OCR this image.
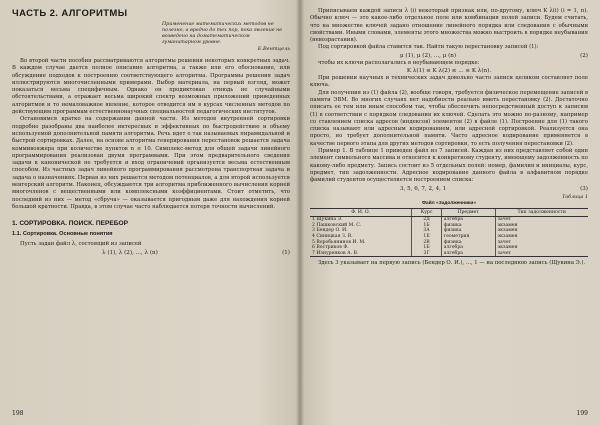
ЧАСТЬ 2. АЛГОРИТМЫ
Применение математических методов не полезно, а вредно до тех пор, пока явление не возведено на доматематическом гуманитарном уровне.
Е.Вентцель

Во второй части пособия рассматриваются алгоритмы решения некоторых конкретных задач. В каждом случае дается полное описание алгоритма, а также или его обоснование, или обсуждение подходов к построению соответствующего алгоритма. Программы решения задач иллюстрируются многочисленными примерами. Выбор материала, на первый взгляд, может показаться весьма специфичным. Однако он продиктован отнюдь не случайными обстоятельствами, а отражает весьма широкий спектр возможных приложений приведенных алгоритмов и то немаловажное явление, которое отводится им в курсах численных методов по действующим программам естественнонаучных специальностей педагогических институтов.

Остановимся кратко на содержании данной части. Из методов внутренней сортировки подробно разобраны два наиболее интересных и эффективных по быстродействию и объему используемой дополнительной памяти алгоритма. Речь идет о так называемых пирамидальной и быстрой сортировках. Далее, на основе алгоритма генерирования перестановок решается задача коммивояжера при количестве пунктов n ≤ 10. Симплекс-метод для общей задачи линейного программирования реализован двумя программами. При этом предварительного сведения задачи к канонической не требуется и вход ограничений организуется весьма естественным способом. Из частных задач линейного программирования рассмотрена транспортная задача и задача о назначениях. Первая из них решается методом потенциалов, а для второй используется венгерский алгоритм. Наконец, обсуждаются три алгоритма приближенного вычисления корней многочленов с вещественными или комплексными коэффициентами. Стоит отметить, что последний из них — метод «сбруча» — оказывается пригодным даже для нахождения корней большой кратности. Правда, в этом случае часто наблюдается потеря точности вычислений.

1. СОРТИРОВКА. ПОИСК. ПЕРЕБОР
1.1. Сортировка. Основные понятия

Пусть задан файл λ, состоящий из записей

λ (1), λ (2), ..., λ (n)	(1)
198

Приписываем каждой записи λ (i) некоторый признак или, по-другому, ключ K λ(i) (i = 1, n). Обычно ключ — это какое-либо отдельное поле или комбинация полей записи. Будем считать, что на множестве ключей задано отношение линейного порядка или следования с обычными свойствами. Иными словами, элементы этого множества можно выстроить в порядке неубывания (невозрастания).

Под сортировкой файла ставится так. Найти такую перестановку записей (1):

μ (1), μ (2), ..., μ (n)	(2)

чтобы их ключи располагались в неубывающем порядке:

K λ(1) ≤ K λ(2) ≤ ... ≤ K λ(n).

При решении научных и технических задач довольно часто записи целиком составляет поле ключа.

Для получения из (1) файла (2), вообще говоря, требуется физическое перемещение записей в памяти ЭВМ. Во многих случаях нет надобности реально иметь перестановку (2). Достаточно описать ее тем или иным способом так, чтобы обеспечить непосредственный доступ к записям (1) в соответствии с порядком следования их ключей. Сделать это можно по-разному, например со ставлением списка адресов (индексов) элементов (2) в файле (1). Построение для (1) такого списка называют или адресным кодированием, или адресной сортировкой. Реализуется она просто, но требует дополнительной памяти. Часто адресное кодирование применяется в качестве первого этапа для других методов сортировки, то есть получения перестановки (2).

Пример 1. В таблице 1 приведен файл из 7 записей. Каждая из них представляет собой один элемент символьного массива и относится к конкретному студенту, имеющему задолженность по какому-либо предмету. Запись состоит из 5 отдельных полей: номер, фамилия и инициалы, курс, предмет, тип задолженности. Адресное кодирование данного файла в алфавитном порядке фамилий студентов осуществляется построением списка:

3, 5, 6, 7, 2, 4, 1	(3)
Таблица 1
Файл «Задолженники»
Ф. И. О.	Курс	Предмет	Тип задолженности
1 Щукина Э.	2Д	алгебра	зачет
2 Пашковский М. С.	1Б	физика	экзамен
3 Бендер О. И.	3А	физика	экзамен
4 Синицкая З. В.	1Е	геометрия	экзамен
5 Воробьянинов И. М.	2В	физика	зачет
6 Востриков Ф.	1Б	алгебра	экзамен
7 Изнуренков А. В.	3Г	алгебра	зачет

Здесь 3 указывает на первую запись (Бендер О. И.), ..., 1 — на последнюю запись (Щукина Э.).

199
